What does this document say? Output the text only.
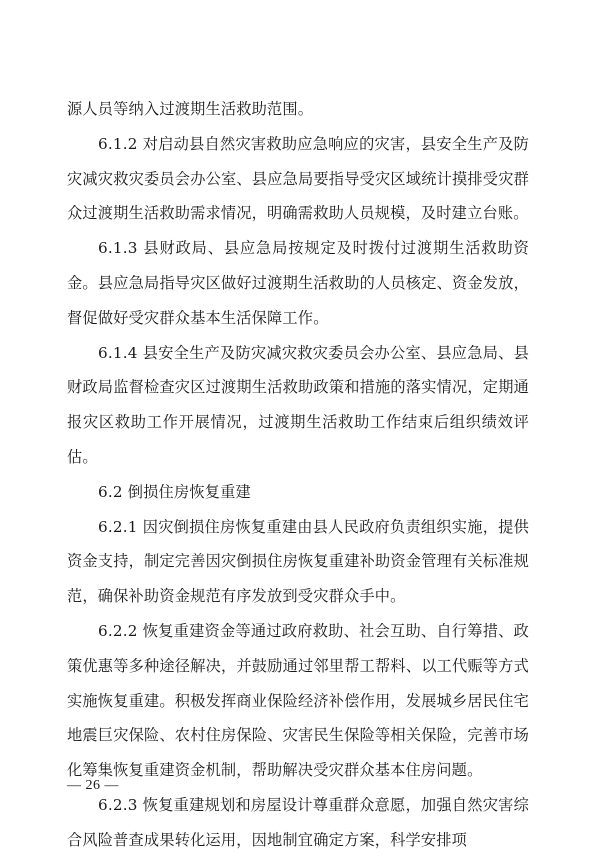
源人员等纳入过渡期生活救助范围。

6.1.2 对启动县自然灾害救助应急响应的灾害，县安全生产及防灾减灾救灾委员会办公室、县应急局要指导受灾区域统计摸排受灾群众过渡期生活救助需求情况，明确需救助人员规模，及时建立台账。

6.1.3 县财政局、县应急局按规定及时拨付过渡期生活救助资金。县应急局指导灾区做好过渡期生活救助的人员核定、资金发放，督促做好受灾群众基本生活保障工作。

6.1.4 县安全生产及防灾减灾救灾委员会办公室、县应急局、县财政局监督检查灾区过渡期生活救助政策和措施的落实情况，定期通报灾区救助工作开展情况，过渡期生活救助工作结束后组织绩效评估。

6.2 倒损住房恢复重建

6.2.1 因灾倒损住房恢复重建由县人民政府负责组织实施，提供资金支持，制定完善因灾倒损住房恢复重建补助资金管理有关标准规范，确保补助资金规范有序发放到受灾群众手中。

6.2.2 恢复重建资金等通过政府救助、社会互助、自行筹措、政策优惠等多种途径解决，并鼓励通过邻里帮工帮料、以工代赈等方式实施恢复重建。积极发挥商业保险经济补偿作用，发展城乡居民住宅地震巨灾保险、农村住房保险、灾害民生保险等相关保险，完善市场化筹集恢复重建资金机制，帮助解决受灾群众基本住房问题。

6.2.3 恢复重建规划和房屋设计尊重群众意愿，加强自然灾害综合风险普查成果转化运用，因地制宜确定方案，科学安排项

— 26 —
